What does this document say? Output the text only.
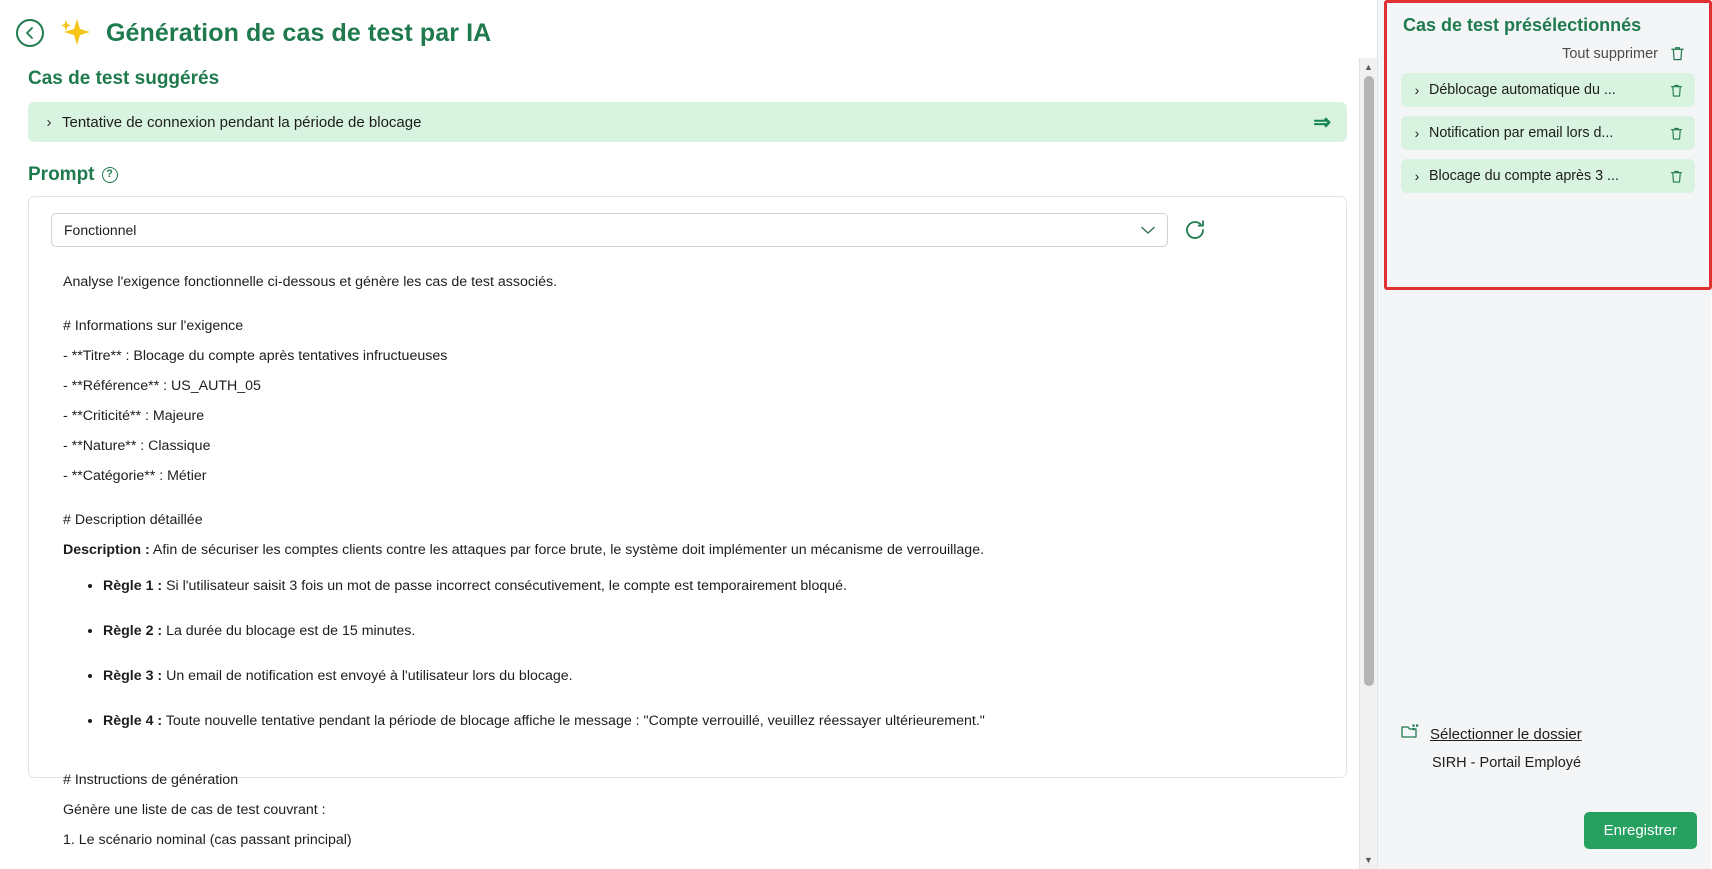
Génération de cas de test par IA
Cas de test suggérés
› Tentative de connexion pendant la période de blocage	⇒
Prompt	?
Fonctionnel

Analyse l'exigence fonctionnelle ci-dessous et génère les cas de test associés.

# Informations sur l'exigence

- **Titre** : Blocage du compte après tentatives infructueuses

- **Référence** : US_AUTH_05

- **Criticité** : Majeure

- **Nature** : Classique

- **Catégorie** : Métier

# Description détaillée

Description : Afin de sécuriser les comptes clients contre les attaques par force brute, le système doit implémenter un mécanisme de verrouillage.

• Règle 1 : Si l'utilisateur saisit 3 fois un mot de passe incorrect consécutivement, le compte est temporairement bloqué.
• Règle 2 : La durée du blocage est de 15 minutes.
• Règle 3 : Un email de notification est envoyé à l'utilisateur lors du blocage.
• Règle 4 : Toute nouvelle tentative pendant la période de blocage affiche le message : "Compte verrouillé, veuillez réessayer ultérieurement."

# Instructions de génération

Génère une liste de cas de test couvrant :

1. Le scénario nominal (cas passant principal)

▲
▼
Cas de test présélectionnés
Tout supprimer
› Déblocage automatique du ...
› Notification par email lors d...
› Blocage du compte après 3 ...
Sélectionner le dossier
SIRH - Portail Employé
Enregistrer
